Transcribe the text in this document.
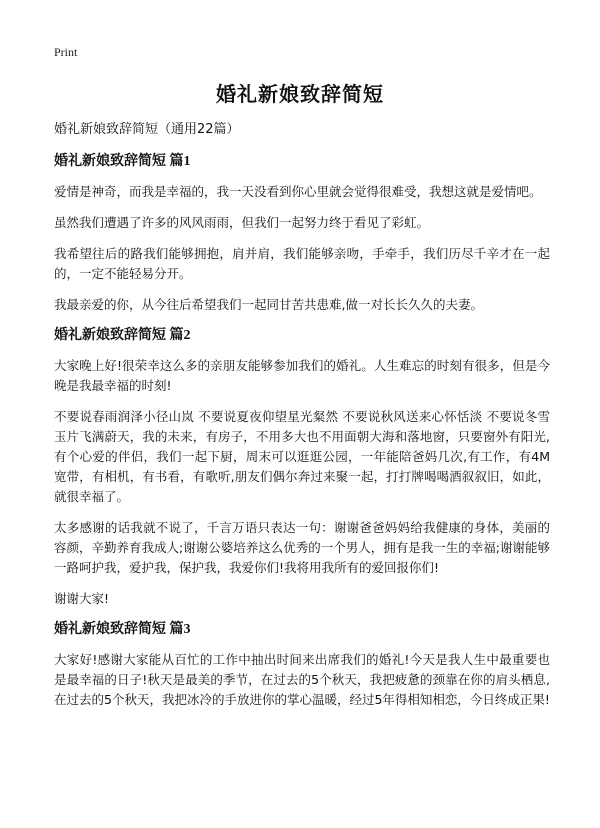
Print
婚礼新娘致辞简短

婚礼新娘致辞简短（通用22篇）

婚礼新娘致辞简短 篇1

爱情是神奇，而我是幸福的，我一天没看到你心里就会觉得很难受，我想这就是爱情吧。

虽然我们遭遇了许多的风风雨雨，但我们一起努力终于看见了彩虹。

我希望往后的路我们能够拥抱，肩并肩，我们能够亲吻，手牵手，我们历尽千辛才在一起的，一定不能轻易分开。

我最亲爱的你，从今往后希望我们一起同甘苦共患难,做一对长长久久的夫妻。

婚礼新娘致辞简短 篇2

大家晚上好!很荣幸这么多的亲朋友能够参加我们的婚礼。人生难忘的时刻有很多，但是今晚是我最幸福的时刻!

不要说春雨润泽小径山岚 不要说夏夜仰望星光粲然 不要说秋风送来心怀恬淡 不要说冬雪玉片飞满蔚天，我的未来，有房子，不用多大也不用面朝大海和落地窗，只要窗外有阳光,有个心爱的伴侣，我们一起下厨，周末可以逛逛公园，一年能陪爸妈几次,有工作，有4M宽带，有相机，有书看，有歌听,朋友们偶尔奔过来聚一起，打打牌喝喝酒叙叙旧，如此，就很幸福了。

太多感谢的话我就不说了，千言万语只表达一句：谢谢爸爸妈妈给我健康的身体，美丽的容颜，辛勤养育我成人;谢谢公婆培养这么优秀的一个男人，拥有是我一生的幸福;谢谢能够一路呵护我，爱护我，保护我，我爱你们!我将用我所有的爱回报你们!

谢谢大家!

婚礼新娘致辞简短 篇3

大家好!感谢大家能从百忙的工作中抽出时间来出席我们的婚礼!今天是我人生中最重要也是最幸福的日子!秋天是最美的季节，在过去的5个秋天，我把疲惫的颈靠在你的肩头栖息,在过去的5个秋天，我把冰冷的手放进你的掌心温暖，经过5年得相知相恋，今日终成正果!
